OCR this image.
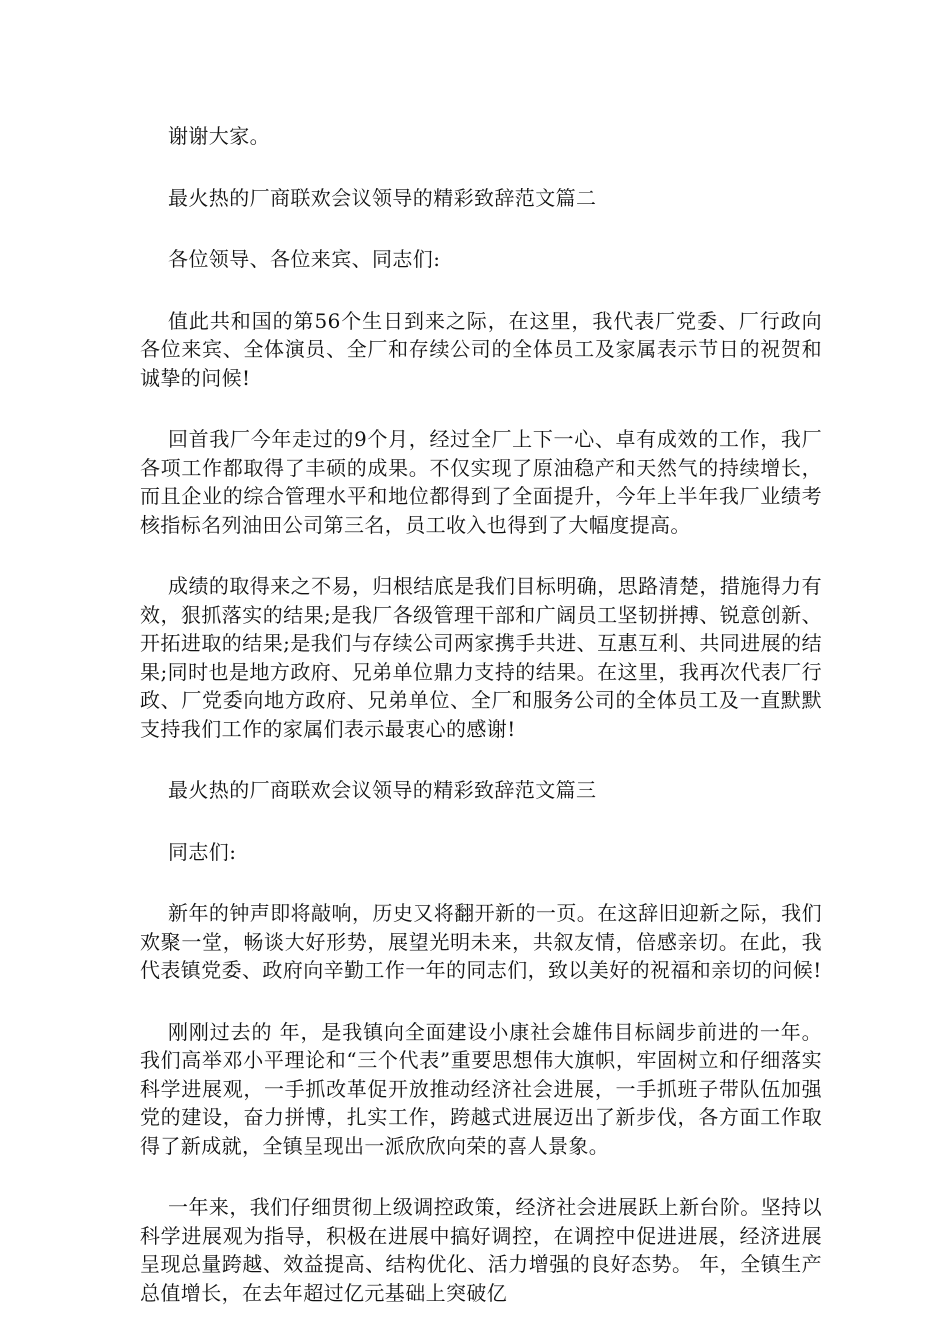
谢谢大家。

最火热的厂商联欢会议领导的精彩致辞范文篇二

各位领导、各位来宾、同志们:

值此共和国的第56个生日到来之际，在这里，我代表厂党委、厂行政向各位来宾、全体演员、全厂和存续公司的全体员工及家属表示节日的祝贺和诚挚的问候!

回首我厂今年走过的9个月，经过全厂上下一心、卓有成效的工作，我厂各项工作都取得了丰硕的成果。不仅实现了原油稳产和天然气的持续增长，而且企业的综合管理水平和地位都得到了全面提升，今年上半年我厂业绩考核指标名列油田公司第三名，员工收入也得到了大幅度提高。

成绩的取得来之不易，归根结底是我们目标明确，思路清楚，措施得力有效，狠抓落实的结果;是我厂各级管理干部和广阔员工坚韧拼搏、锐意创新、开拓进取的结果;是我们与存续公司两家携手共进、互惠互利、共同进展的结果;同时也是地方政府、兄弟单位鼎力支持的结果。在这里，我再次代表厂行政、厂党委向地方政府、兄弟单位、全厂和服务公司的全体员工及一直默默支持我们工作的家属们表示最衷心的感谢!

最火热的厂商联欢会议领导的精彩致辞范文篇三

同志们:

新年的钟声即将敲响，历史又将翻开新的一页。在这辞旧迎新之际，我们欢聚一堂，畅谈大好形势，展望光明未来，共叙友情，倍感亲切。在此，我代表镇党委、政府向辛勤工作一年的同志们，致以美好的祝福和亲切的问候!

刚刚过去的 年，是我镇向全面建设小康社会雄伟目标阔步前进的一年。我们高举邓小平理论和“三个代表”重要思想伟大旗帜，牢固树立和仔细落实科学进展观，一手抓改革促开放推动经济社会进展，一手抓班子带队伍加强党的建设，奋力拼博，扎实工作，跨越式进展迈出了新步伐，各方面工作取得了新成就，全镇呈现出一派欣欣向荣的喜人景象。

一年来，我们仔细贯彻上级调控政策，经济社会进展跃上新台阶。坚持以科学进展观为指导，积极在进展中搞好调控，在调控中促进进展，经济进展呈现总量跨越、效益提高、结构优化、活力增强的良好态势。 年，全镇生产总值增长，在去年超过亿元基础上突破亿
